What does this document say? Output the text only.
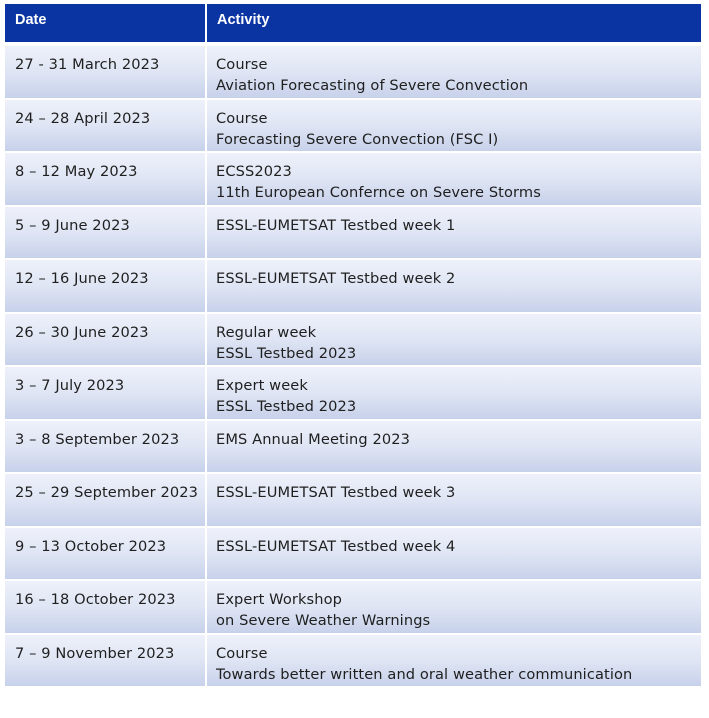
Date	Activity
27 - 31 March 2023	Course
Aviation Forecasting of Severe Convection
24 – 28 April 2023	Course
Forecasting Severe Convection (FSC I)
8 – 12 May 2023	ECSS2023
11th European Confernce on Severe Storms
5 – 9 June 2023	ESSL-EUMETSAT Testbed week 1
12 – 16 June 2023	ESSL-EUMETSAT Testbed week 2
26 – 30 June 2023	Regular week
ESSL Testbed 2023
3 – 7 July 2023	Expert week
ESSL Testbed 2023
3 – 8 September 2023	EMS Annual Meeting 2023
25 – 29 September 2023	ESSL-EUMETSAT Testbed week 3
9 – 13 October 2023	ESSL-EUMETSAT Testbed week 4
16 – 18 October 2023	Expert Workshop
on Severe Weather Warnings
7 – 9 November 2023	Course
Towards better written and oral weather communication
